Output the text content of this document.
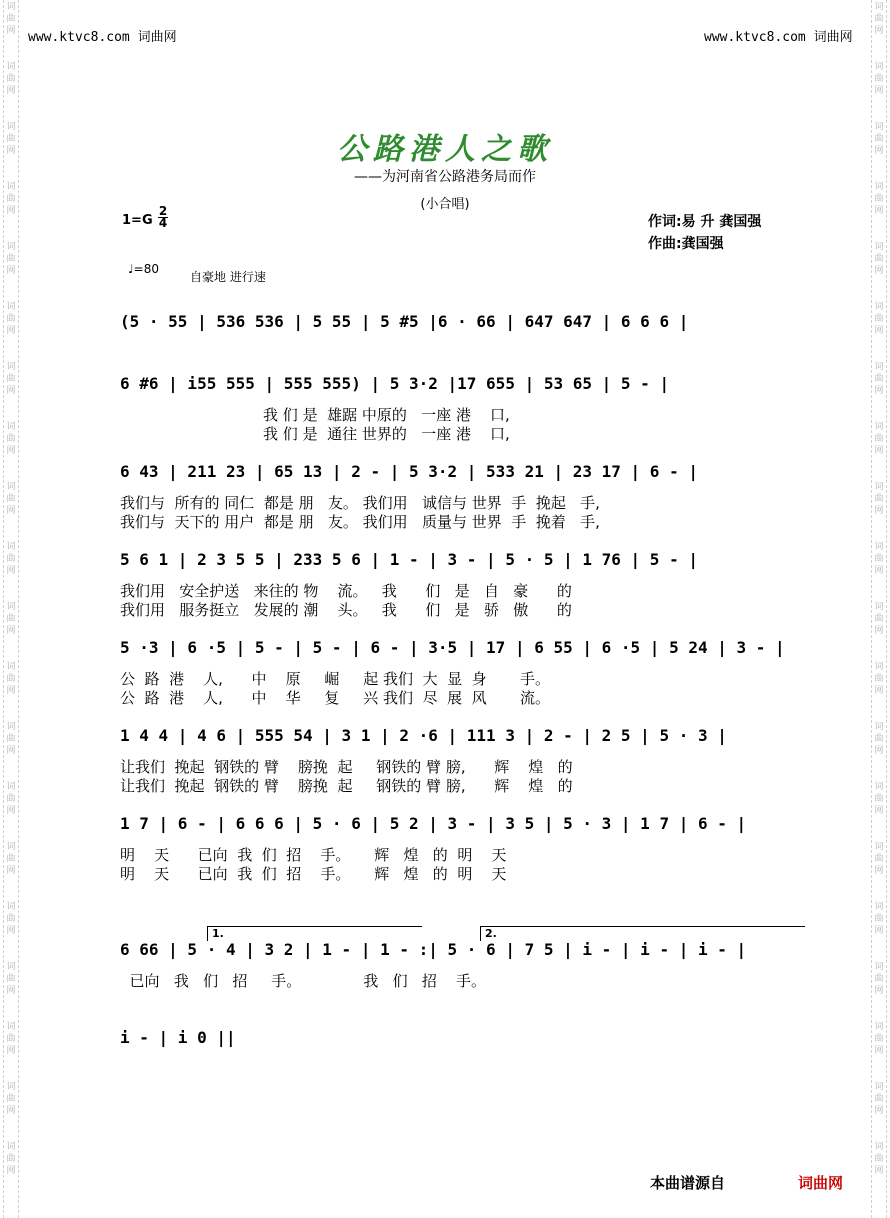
词
曲
网
词
曲
网
词
曲
网
词
曲
网
词
曲
网
词
曲
网
词
曲
网
词
曲
网
词
曲
网
词
曲
网
词
曲
网
词
曲
网
词
曲
网
词
曲
网
词
曲
网
词
曲
网
词
曲
网
词
曲
网
词
曲
网
词
曲
网
词
曲
网
词
曲
网
词
曲
网
词
曲
网
词
曲
网
词
曲
网
词
曲
网
词
曲
网
词
曲
网
词
曲
网
词
曲
网
词
曲
网
词
曲
网
词
曲
网
词
曲
网
词
曲
网
词
曲
网
词
曲
网
词
曲
网
词
曲
网
www.ktvc8.com 词曲网	www.ktvc8.com 词曲网
公路港人之歌
——为河南省公路港务局而作
(小合唱)
1=G
2
4	作词:易 升 龚国强
作曲:龚国强
♩=80
自豪地 进行速
(5 · 55 | 536 536 | 5 55 | 5 #5 |6 · 66 | 647 647 | 6 6 6 |
6 #6 | i55 555 | 555 555) | 5 3·2 |17 655 | 53 65 | 5 - |
我 们 是  雄踞 中原的   一座 港    口,
我 们 是  通往 世界的   一座 港    口,
6 43 | 211 23 | 65 13 | 2 - | 5 3·2 | 533 21 | 23 17 | 6 - |
我们与  所有的 同仁  都是 朋   友。 我们用   诚信与 世界  手  挽起   手,
我们与  天下的 用户  都是 朋   友。 我们用   质量与 世界  手  挽着   手,
5 6 1 | 2 3 5 5 | 233 5 6 | 1 - | 3 - | 5 · 5 | 1 76 | 5 - |
我们用   安全护送   来往的 物    流。   我      们   是   自   豪      的
我们用   服务挺立   发展的 潮    头。   我      们   是   骄   傲      的
5 ·3 | 6 ·5 | 5 - | 5 - | 6 - | 3·5 | 17 | 6 55 | 6 ·5 | 5 24 | 3 - |
公  路  港    人,      中    原     崛     起 我们  大  显  身       手。
公  路  港    人,      中    华     复     兴 我们  尽  展  风       流。
1 4 4 | 4 6 | 555 54 | 3 1 | 2 ·6 | 111 3 | 2 - | 2 5 | 5 · 3 |
让我们  挽起  钢铁的 臂    膀挽  起     钢铁的 臂 膀,      辉    煌   的
让我们  挽起  钢铁的 臂    膀挽  起     钢铁的 臂 膀,      辉    煌   的
1 7 | 6 - | 6 6 6 | 5 · 6 | 5 2 | 3 - | 3 5 | 5 · 3 | 1 7 | 6 - |
明    天      已向  我  们  招    手。     辉   煌   的  明    天
明    天      已向  我  们  招    手。     辉   煌   的  明    天
6 66 | 5 · 4 | 3 2 | 1 - | 1 - :| 5 · 6 | 7 5 | i - | i - | i - |
已向   我   们   招     手。             我   们   招    手。
i - | i 0 ||
1.	2.
本曲谱源自	词曲网
